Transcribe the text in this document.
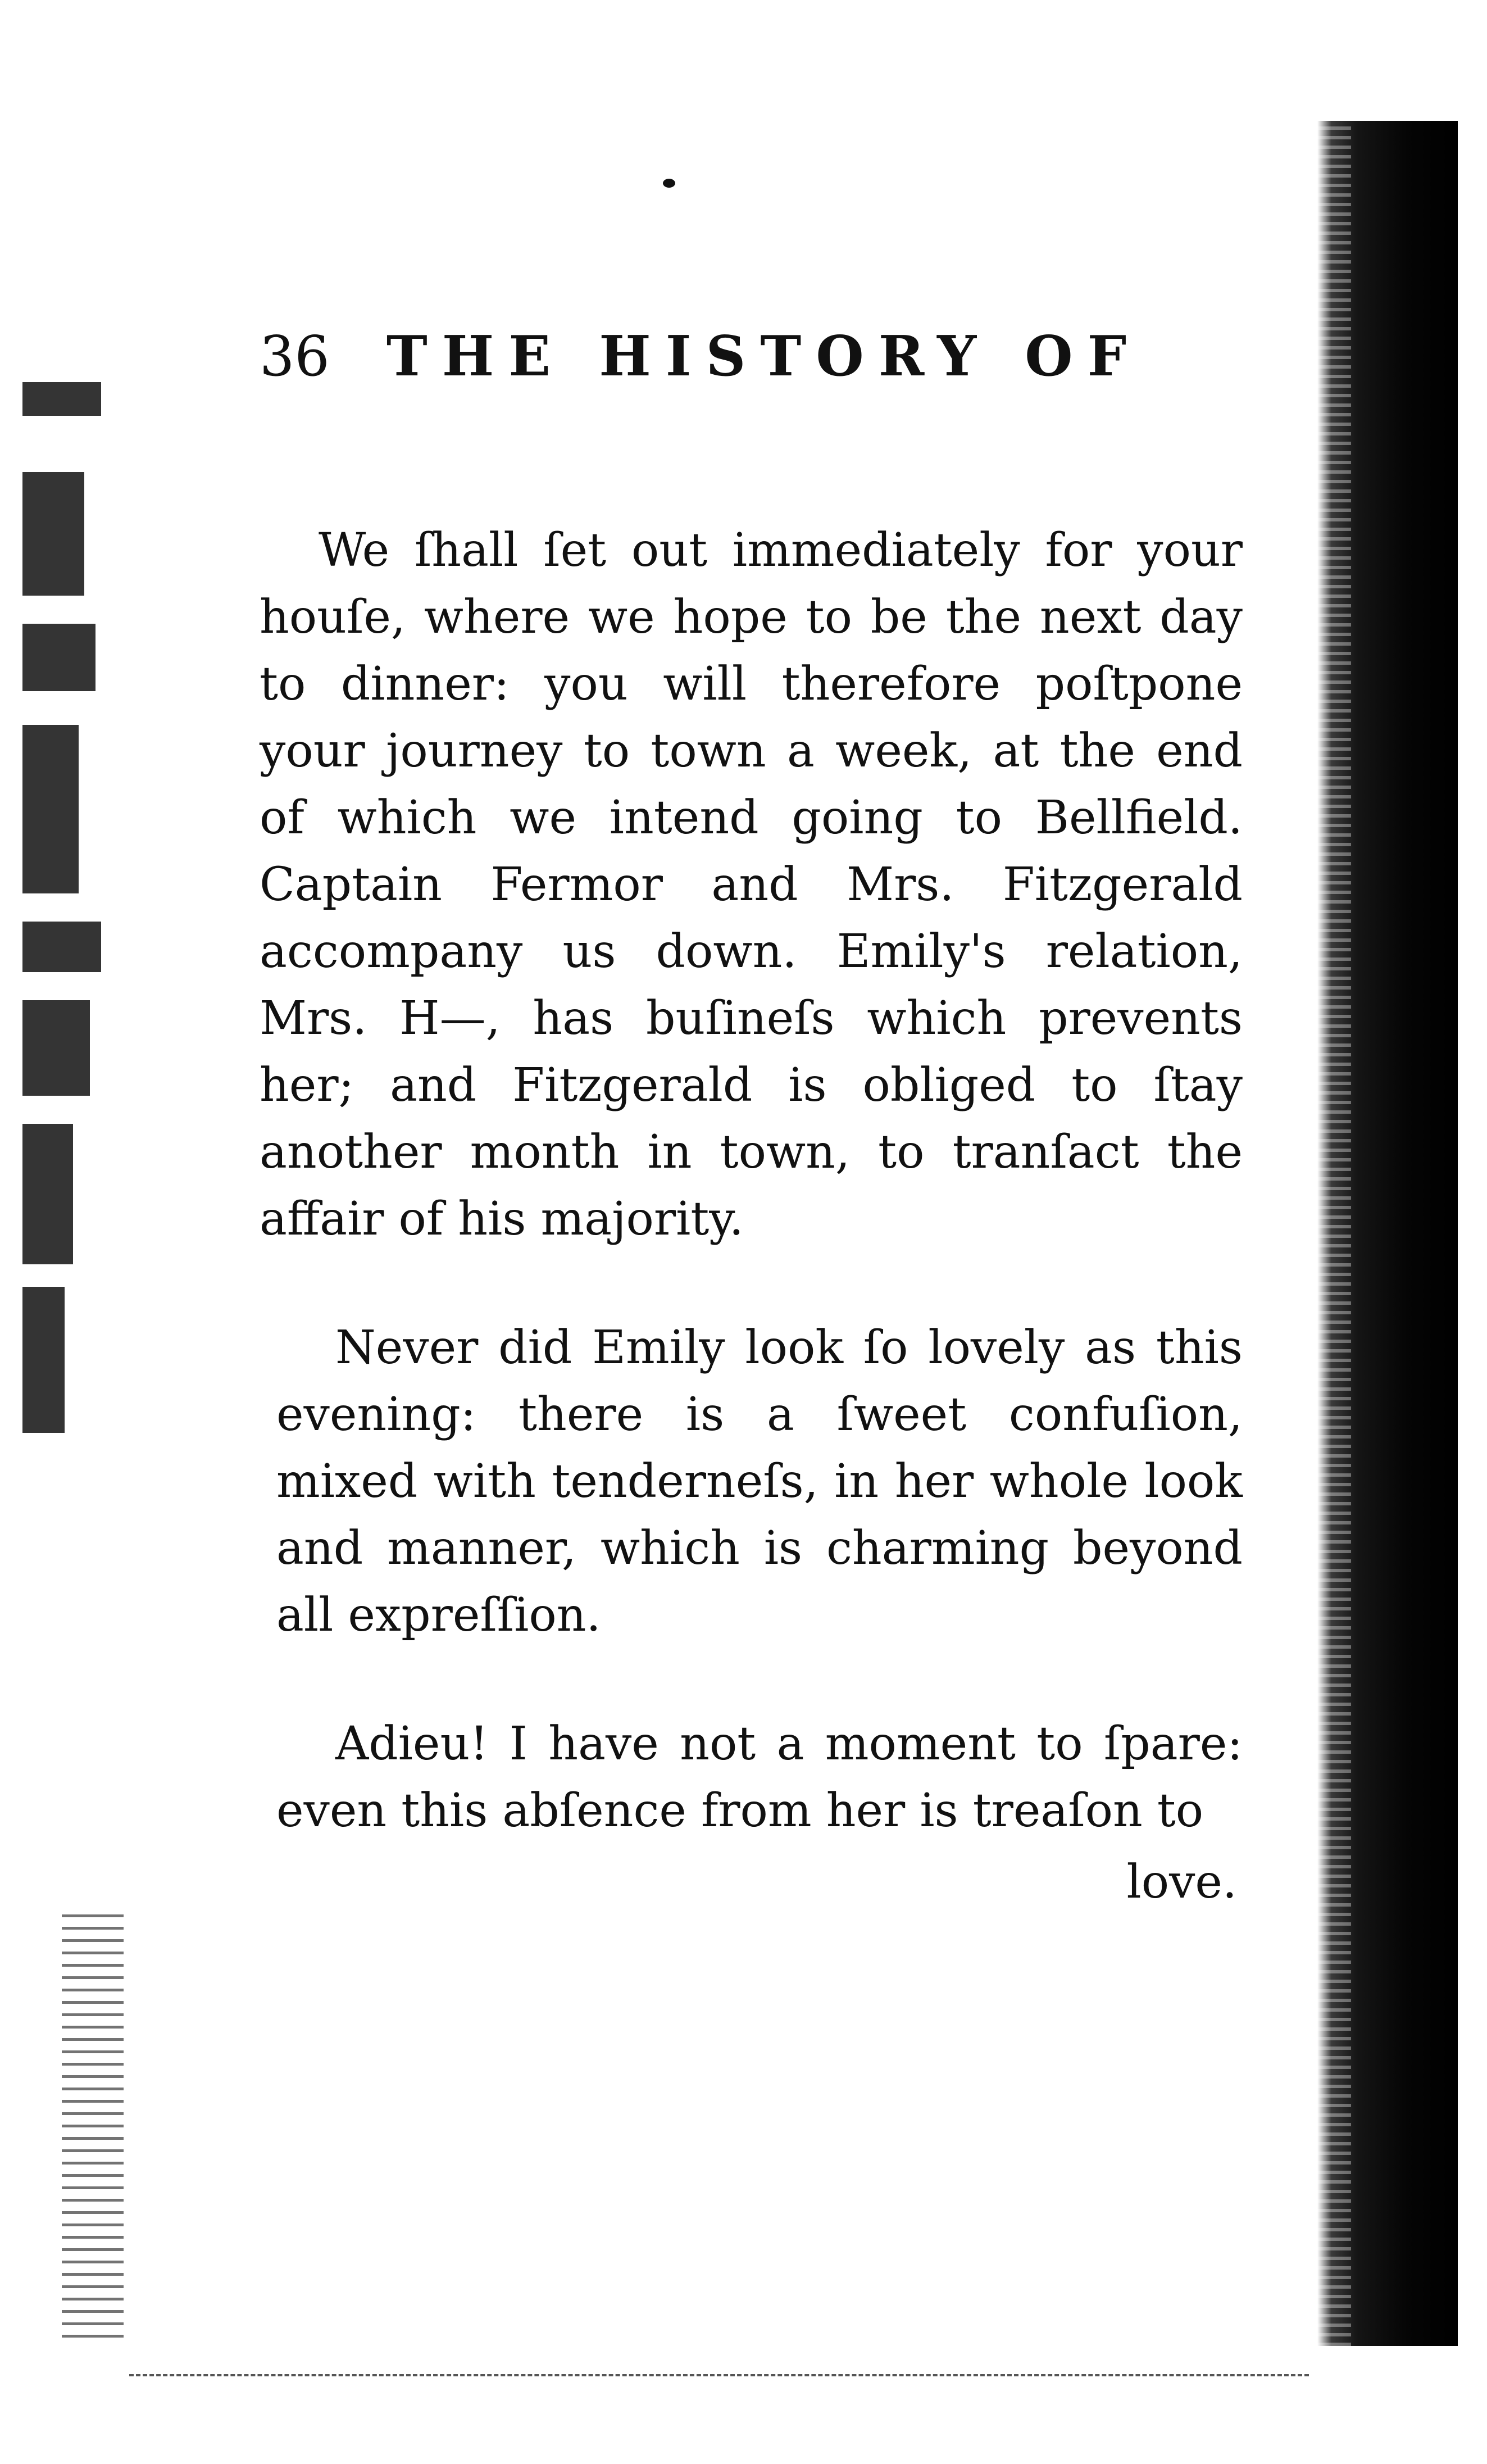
36 THE HISTORY OF

We ſhall ſet out immediately for your houſe, where we hope to be the next day to dinner: you will therefore poſtpone your journey to town a week, at the end of which we intend going to Bellfield. Captain Fermor and Mrs. Fitzgerald accompany us down. Emily's relation, Mrs. H—, has buſineſs which prevents her; and Fitzgerald is obliged to ſtay another month in town, to tranſact the affair of his majority.

Never did Emily look ſo lovely as this evening: there is a ſweet confuſion, mixed with tenderneſs, in her whole look and manner, which is charming beyond all expreſſion.

Adieu! I have not a moment to ſpare: even this abſence from her is treaſon to

love.
